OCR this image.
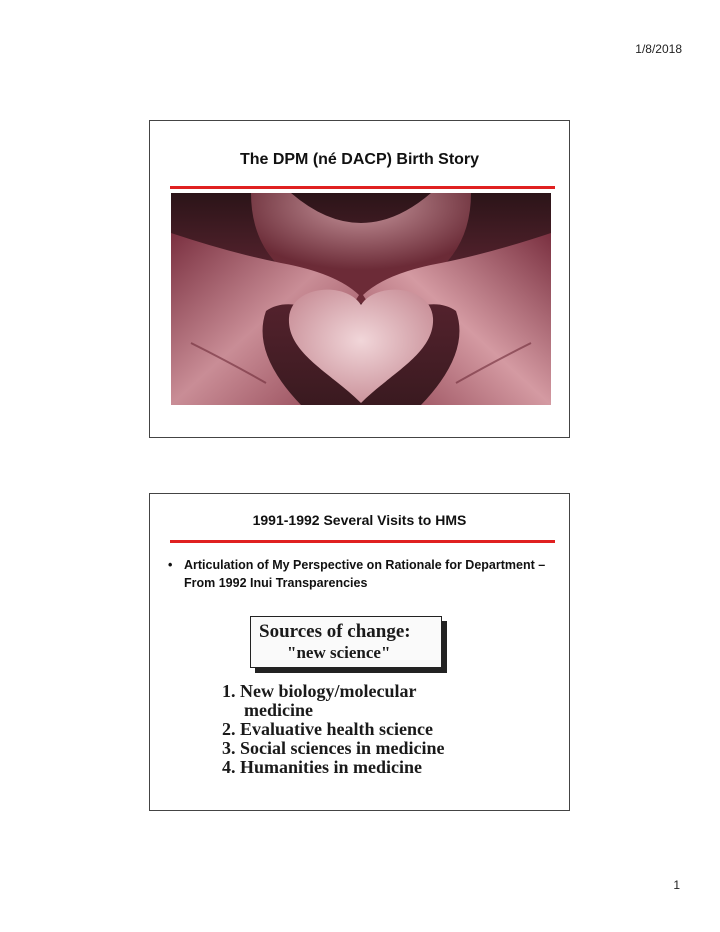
1/8/2018
The DPM (né DACP) Birth Story
1991-1992 Several Visits to HMS
• Articulation of My Perspective on Rationale for Department – From 1992 Inui Transparencies
Sources of change:
"new science"
1. New biology/molecular
medicine
2. Evaluative health science
3. Social sciences in medicine
4. Humanities in medicine
1
